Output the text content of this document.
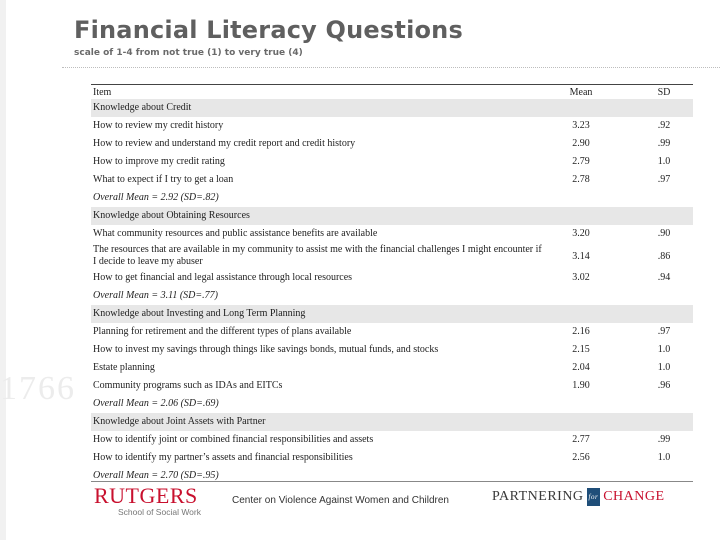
1766
Financial Literacy Questions
scale of 1-4 from not true (1) to very true (4)
Item	Mean	SD
Knowledge about Credit
How to review my credit history	3.23	.92
How to review and understand my credit report and credit history	2.90	.99
How to improve my credit rating	2.79	1.0
What to expect if I try to get a loan	2.78	.97
Overall Mean = 2.92 (SD=.82)
Knowledge about Obtaining Resources
What community resources and public assistance benefits are available	3.20	.90
The resources that are available in my community to assist me with the financial challenges I might encounter if I decide to leave my abuser	3.14	.86
How to get financial and legal assistance through local resources	3.02	.94
Overall Mean = 3.11 (SD=.77)
Knowledge about Investing and Long Term Planning
Planning for retirement and the different types of plans available	2.16	.97
How to invest my savings through things like savings bonds, mutual funds, and stocks	2.15	1.0
Estate planning	2.04	1.0
Community programs such as IDAs and EITCs	1.90	.96
Overall Mean = 2.06 (SD=.69)
Knowledge about Joint Assets with Partner
How to identify joint or combined financial responsibilities and assets	2.77	.99
How to identify my partner’s assets and financial responsibilities	2.56	1.0
Overall Mean = 2.70 (SD=.95)
RUTGERS
School of Social Work
Center on Violence Against Women and Children	PARTNERING for CHANGE
